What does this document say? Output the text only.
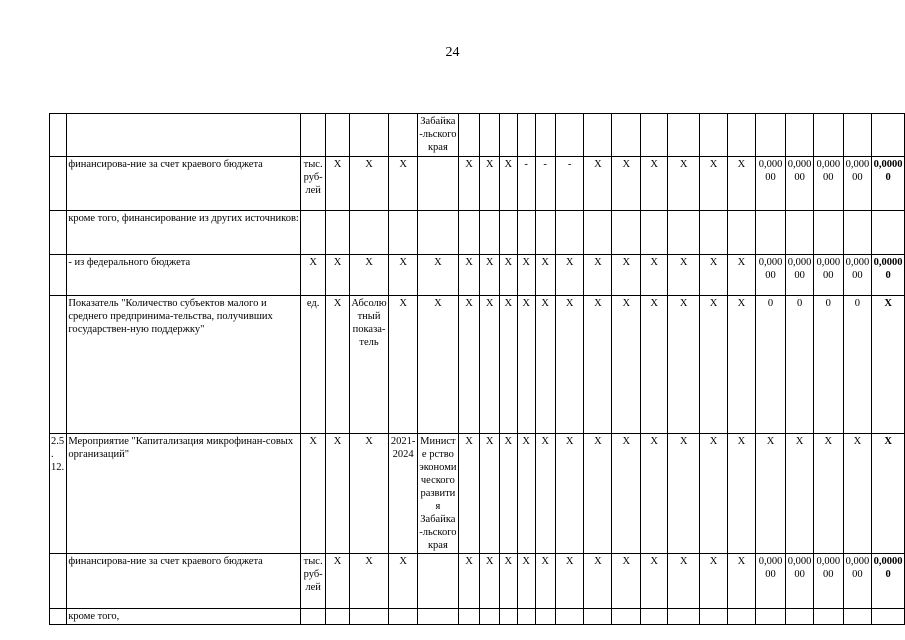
24
						Забайка-льского края																	
	финансирова-ние за счет краевого бюджета	тыс. руб-лей	Х	Х	Х		Х	Х	Х	-	-	-	Х	Х	Х	Х	Х	Х	0,000 00	0,000 00	0,000 00	0,000 00	0,0000 0
	кроме того, финансирование из других источников:																						
	- из федерального бюджета	Х	Х	Х	Х	Х	Х	Х	Х	Х	Х	Х	Х	Х	Х	Х	Х	Х	0,000 00	0,000 00	0,000 00	0,000 00	0,0000 0
	Показатель "Количество субъектов малого и среднего предпринима-тельства, получивших государствен-ную поддержку"	ед.	Х	Абсолю тный показа-тель	Х	Х	Х	Х	Х	Х	Х	Х	Х	Х	Х	Х	Х	Х	0	0	0	0	Х
2.5. 12.	Мероприятие "Капитализация микрофинан-совых организаций"	Х	Х	Х	2021-2024	Министе рство экономи ческого развития Забайка-льского края	Х	Х	Х	Х	Х	Х	Х	Х	Х	Х	Х	Х	Х	Х	Х	Х	Х
	финансирова-ние за счет краевого бюджета	тыс. руб-лей	Х	Х	Х		Х	Х	Х	Х	Х	Х	Х	Х	Х	Х	Х	Х	0,000 00	0,000 00	0,000 00	0,000 00	0,0000 0
	кроме того,																						
